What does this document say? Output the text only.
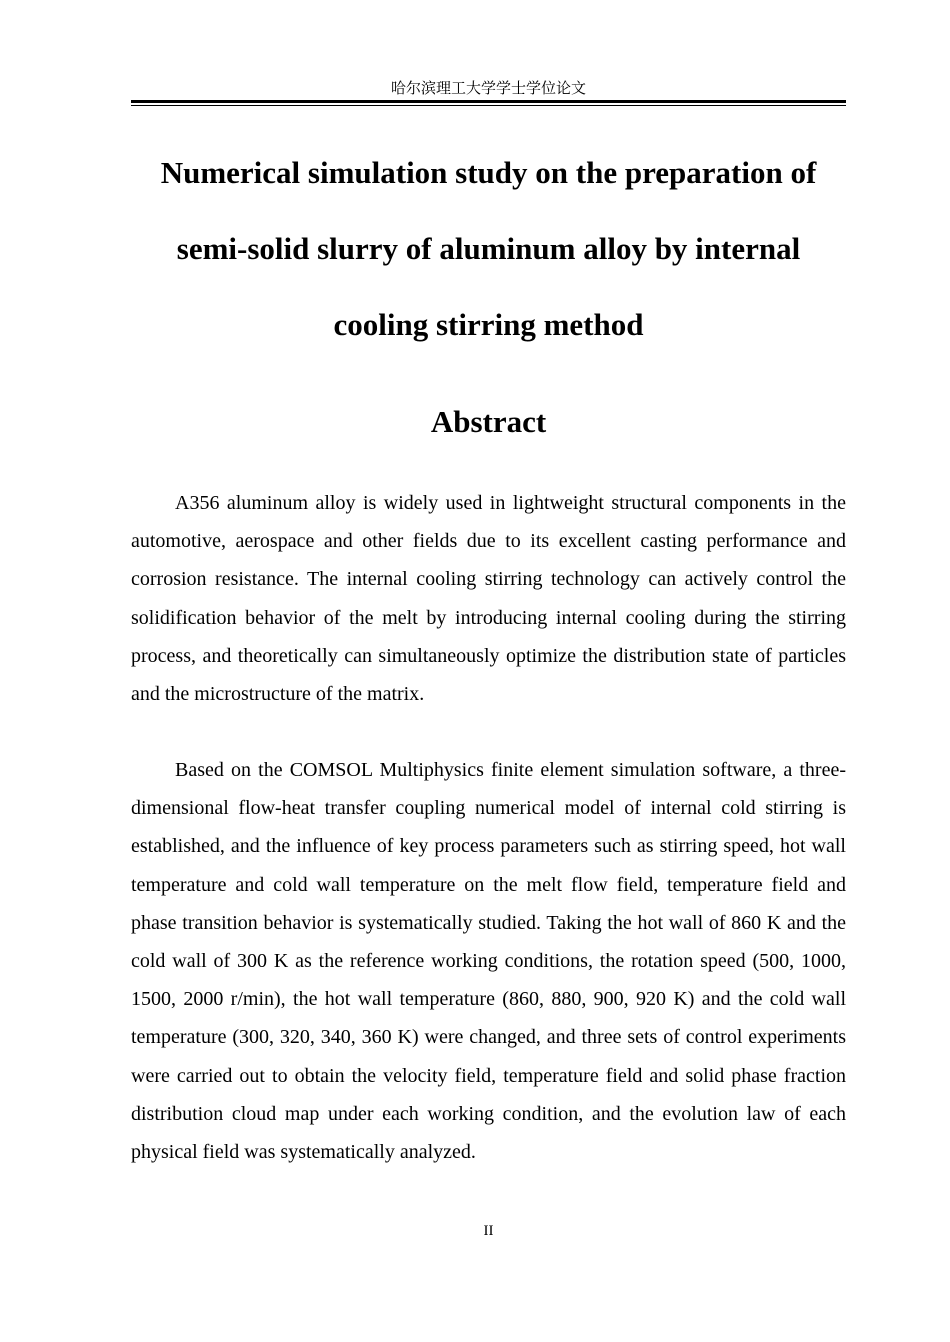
哈尔滨理工大学学士学位论文
Numerical simulation study on the preparation of semi-solid slurry of aluminum alloy by internal cooling stirring method
Abstract

A356 aluminum alloy is widely used in lightweight structural components in the automotive, aerospace and other fields due to its excellent casting performance and corrosion resistance. The internal cooling stirring technology can actively control the solidification behavior of the melt by introducing internal cooling during the stirring process, and theoretically can simultaneously optimize the distribution state of particles and the microstructure of the matrix.

Based on the COMSOL Multiphysics finite element simulation software, a three-dimensional flow-heat transfer coupling numerical model of internal cold stirring is established, and the influence of key process parameters such as stirring speed, hot wall temperature and cold wall temperature on the melt flow field, temperature field and phase transition behavior is systematically studied. Taking the hot wall of 860 K and the cold wall of 300 K as the reference working conditions, the rotation speed (500, 1000, 1500, 2000 r/min), the hot wall temperature (860, 880, 900, 920 K) and the cold wall temperature (300, 320, 340, 360 K) were changed, and three sets of control experiments were carried out to obtain the velocity field, temperature field and solid phase fraction distribution cloud map under each working condition, and the evolution law of each physical field was systematically analyzed.

II
